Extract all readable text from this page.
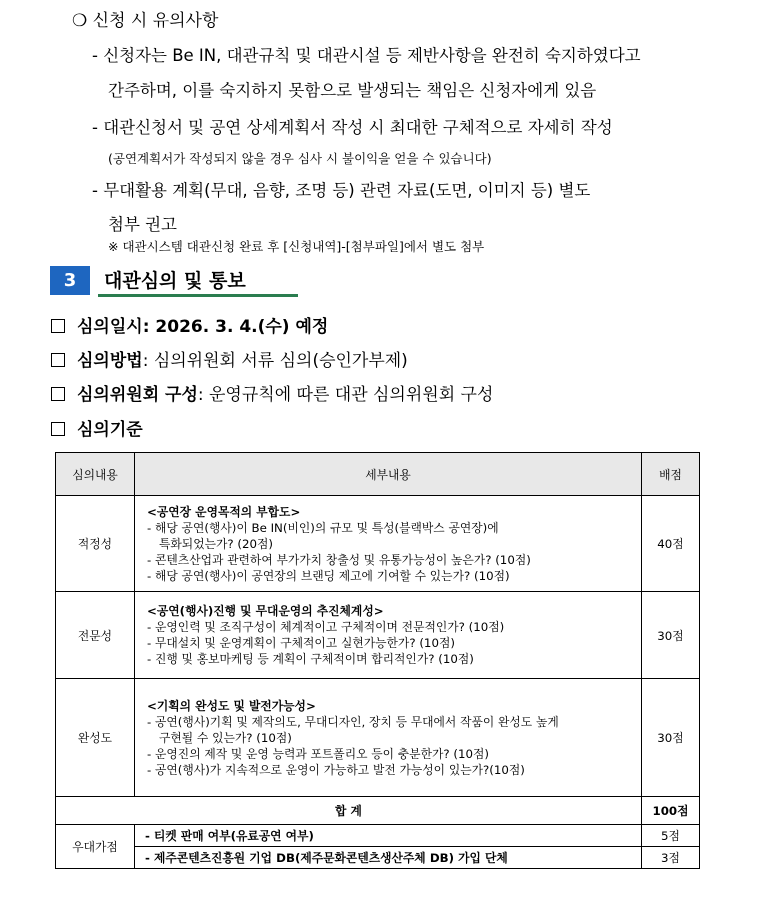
❍ 신청 시 유의사항
- 신청자는 Be IN, 대관규칙 및 대관시설 등 제반사항을 완전히 숙지하였다고
간주하며, 이를 숙지하지 못함으로 발생되는 책임은 신청자에게 있음
- 대관신청서 및 공연 상세계획서 작성 시 최대한 구체적으로 자세히 작성
(공연계획서가 작성되지 않을 경우 심사 시 불이익을 얻을 수 있습니다)
- 무대활용 계획(무대, 음향, 조명 등) 관련 자료(도면, 이미지 등) 별도
첨부 권고
※ 대관시스템 대관신청 완료 후 [신청내역]-[첨부파일]에서 별도 첨부
3	대관심의 및 통보
심의일시: 2026. 3. 4.(수) 예정
심의방법: 심의위원회 서류 심의(승인가부제)
심의위원회 구성: 운영규칙에 따른 대관 심의위원회 구성
심의기준
심의내용	세부내용	배점
적정성	<공연장 운영목적의 부합도>
- 해당 공연(행사)이 Be IN(비인)의 규모 및 특성(블랙박스 공연장)에
특화되었는가? (20점)
- 콘텐츠산업과 관련하여 부가가치 창출성 및 유통가능성이 높은가? (10점)
- 해당 공연(행사)이 공연장의 브랜딩 제고에 기여할 수 있는가? (10점)	40점
전문성	<공연(행사)진행 및 무대운영의 추진체계성>
- 운영인력 및 조직구성이 체계적이고 구체적이며 전문적인가? (10점)
- 무대설치 및 운영계획이 구체적이고 실현가능한가? (10점)
- 진행 및 홍보마케팅 등 계획이 구체적이며 합리적인가? (10점)	30점
완성도	<기획의 완성도 및 발전가능성>
- 공연(행사)기획 및 제작의도, 무대디자인, 장치 등 무대에서 작품이 완성도 높게
구현될 수 있는가? (10점)
- 운영진의 제작 및 운영 능력과 포트폴리오 등이 충분한가? (10점)
- 공연(행사)가 지속적으로 운영이 가능하고 발전 가능성이 있는가?(10점)	30점
합 계		100점
우대가점	- 티켓 판매 여부(유료공연 여부)	5점
	- 제주콘텐츠진흥원 기업 DB(제주문화콘텐츠생산주체 DB) 가입 단체	3점
